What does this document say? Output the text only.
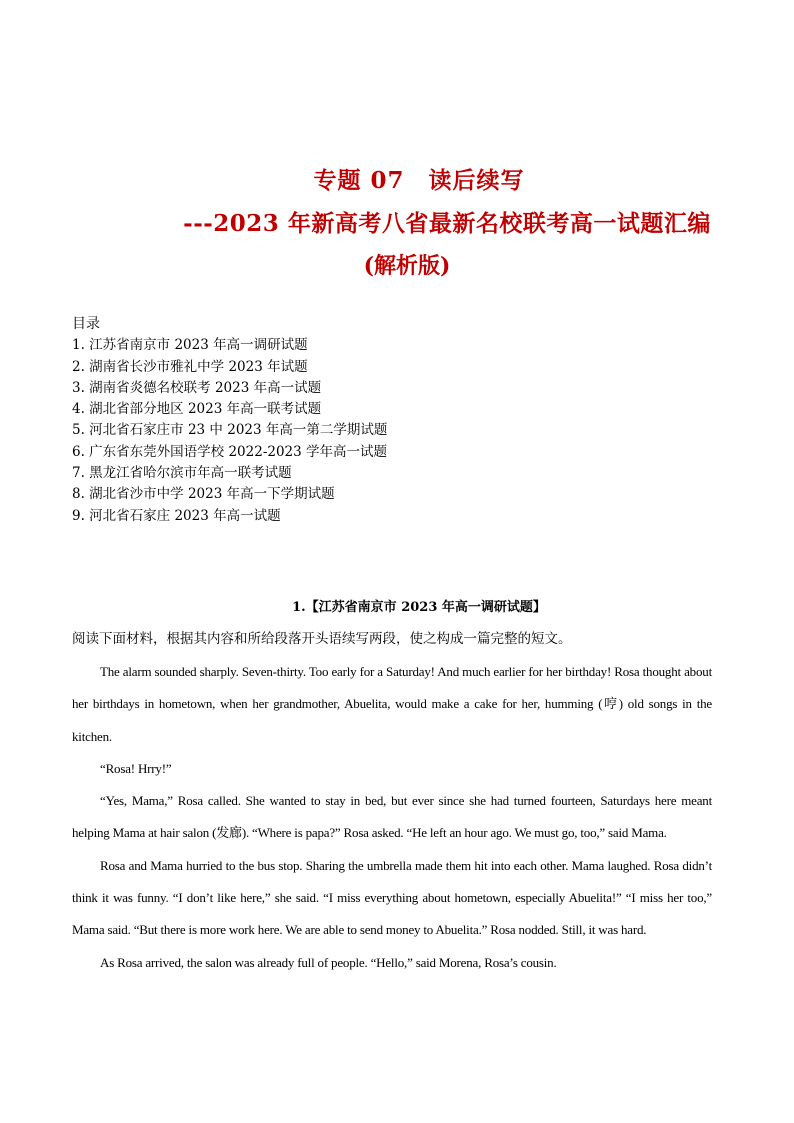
专题 07　读后续写
---2023 年新高考八省最新名校联考高一试题汇编
(解析版)
目录
1. 江苏省南京市 2023 年高一调研试题
2. 湖南省长沙市雅礼中学 2023 年试题
3. 湖南省炎德名校联考 2023 年高一试题
4. 湖北省部分地区 2023 年高一联考试题
5. 河北省石家庄市 23 中 2023 年高一第二学期试题
6. 广东省东莞外国语学校 2022-2023 学年高一试题
7. 黑龙江省哈尔滨市年高一联考试题
8. 湖北省沙市中学 2023 年高一下学期试题
9. 河北省石家庄 2023 年高一试题
1.【江苏省南京市 2023 年高一调研试题】
阅读下面材料，根据其内容和所给段落开头语续写两段，使之构成一篇完整的短文。

The alarm sounded sharply. Seven-thirty. Too early for a Saturday! And much earlier for her birthday! Rosa thought about her birthdays in hometown, when her grandmother, Abuelita, would make a cake for her, humming (哼) old songs in the kitchen.

“Rosa! Hrry!”

“Yes, Mama,” Rosa called. She wanted to stay in bed, but ever since she had turned fourteen, Saturdays here meant helping Mama at hair salon (发廊). “Where is papa?” Rosa asked. “He left an hour ago. We must go, too,” said Mama.

Rosa and Mama hurried to the bus stop. Sharing the umbrella made them hit into each other. Mama laughed. Rosa didn’t think it was funny. “I don’t like here,” she said. “I miss everything about hometown, especially Abuelita!” “I miss her too,” Mama said. “But there is more work here. We are able to send money to Abuelita.” Rosa nodded. Still, it was hard.

As Rosa arrived, the salon was already full of people. “Hello,” said Morena, Rosa’s cousin.
